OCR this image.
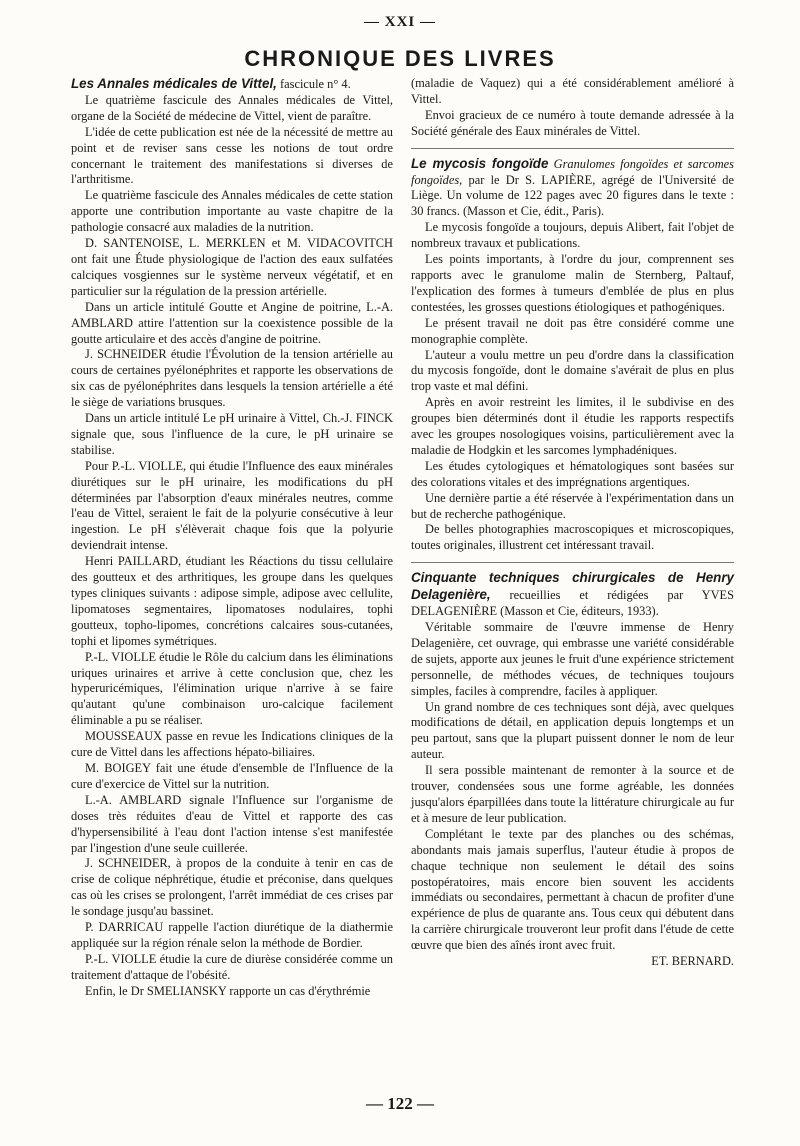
— XXI —
CHRONIQUE DES LIVRES

Les Annales médicales de Vittel, fascicule n° 4.

Le quatrième fascicule des Annales médicales de Vittel, organe de la Société de médecine de Vittel, vient de paraître.

L'idée de cette publication est née de la nécessité de mettre au point et de reviser sans cesse les notions de tout ordre concernant le traitement des manifestations si diverses de l'arthritisme.

Le quatrième fascicule des Annales médicales de cette station apporte une contribution importante au vaste chapitre de la pathologie consacré aux maladies de la nutrition.

D. SANTENOISE, L. MERKLEN et M. VIDACOVITCH ont fait une Étude physiologique de l'action des eaux sulfatées calciques vosgiennes sur le système nerveux végétatif, et en particulier sur la régulation de la pression artérielle.

Dans un article intitulé Goutte et Angine de poitrine, L.-A. AMBLARD attire l'attention sur la coexistence possible de la goutte articulaire et des accès d'angine de poitrine.

J. SCHNEIDER étudie l'Évolution de la tension artérielle au cours de certaines pyélonéphrites et rapporte les observations de six cas de pyélonéphrites dans lesquels la tension artérielle a été le siège de variations brusques.

Dans un article intitulé Le pH urinaire à Vittel, Ch.-J. FINCK signale que, sous l'influence de la cure, le pH urinaire se stabilise.

Pour P.-L. VIOLLE, qui étudie l'Influence des eaux minérales diurétiques sur le pH urinaire, les modifications du pH déterminées par l'absorption d'eaux minérales neutres, comme l'eau de Vittel, seraient le fait de la polyurie consécutive à leur ingestion. Le pH s'élèverait chaque fois que la polyurie deviendrait intense.

Henri PAILLARD, étudiant les Réactions du tissu cellulaire des goutteux et des arthritiques, les groupe dans les quelques types cliniques suivants : adipose simple, adipose avec cellulite, lipomatoses segmentaires, lipomatoses nodulaires, tophi goutteux, topho-lipomes, concrétions calcaires sous-cutanées, tophi et lipomes symétriques.

P.-L. VIOLLE étudie le Rôle du calcium dans les éliminations uriques urinaires et arrive à cette conclusion que, chez les hyperuricémiques, l'élimination urique n'arrive à se faire qu'autant qu'une combinaison uro-calcique facilement éliminable a pu se réaliser.

MOUSSEAUX passe en revue les Indications cliniques de la cure de Vittel dans les affections hépato-biliaires.

M. BOIGEY fait une étude d'ensemble de l'Influence de la cure d'exercice de Vittel sur la nutrition.

L.-A. AMBLARD signale l'Influence sur l'organisme de doses très réduites d'eau de Vittel et rapporte des cas d'hypersensibilité à l'eau dont l'action intense s'est manifestée par l'ingestion d'une seule cuillerée.

J. SCHNEIDER, à propos de la conduite à tenir en cas de crise de colique néphrétique, étudie et préconise, dans quelques cas où les crises se prolongent, l'arrêt immédiat de ces crises par le sondage jusqu'au bassinet.

P. DARRICAU rappelle l'action diurétique de la diathermie appliquée sur la région rénale selon la méthode de Bordier.

P.-L. VIOLLE étudie la cure de diurèse considérée comme un traitement d'attaque de l'obésité.

Enfin, le Dr SMELIANSKY rapporte un cas d'érythrémie

(maladie de Vaquez) qui a été considérablement amélioré à Vittel.

Envoi gracieux de ce numéro à toute demande adressée à la Société générale des Eaux minérales de Vittel.

Le mycosis fongoïde Granulomes fongoïdes et sarcomes fongoïdes, par le Dr S. LAPIÈRE, agrégé de l'Université de Liège. Un volume de 122 pages avec 20 figures dans le texte : 30 francs. (Masson et Cie, édit., Paris).

Le mycosis fongoïde a toujours, depuis Alibert, fait l'objet de nombreux travaux et publications.

Les points importants, à l'ordre du jour, comprennent ses rapports avec le granulome malin de Sternberg, Paltauf, l'explication des formes à tumeurs d'emblée de plus en plus contestées, les grosses questions étiologiques et pathogéniques.

Le présent travail ne doit pas être considéré comme une monographie complète.

L'auteur a voulu mettre un peu d'ordre dans la classification du mycosis fongoïde, dont le domaine s'avérait de plus en plus trop vaste et mal défini.

Après en avoir restreint les limites, il le subdivise en des groupes bien déterminés dont il étudie les rapports respectifs avec les groupes nosologiques voisins, particulièrement avec la maladie de Hodgkin et les sarcomes lymphadéniques.

Les études cytologiques et hématologiques sont basées sur des colorations vitales et des imprégnations argentiques.

Une dernière partie a été réservée à l'expérimentation dans un but de recherche pathogénique.

De belles photographies macroscopiques et microscopiques, toutes originales, illustrent cet intéressant travail.

Cinquante techniques chirurgicales de Henry Delagenière, recueillies et rédigées par YVES DELAGENIÈRE (Masson et Cie, éditeurs, 1933).

Véritable sommaire de l'œuvre immense de Henry Delagenière, cet ouvrage, qui embrasse une variété considérable de sujets, apporte aux jeunes le fruit d'une expérience strictement personnelle, de méthodes vécues, de techniques toujours simples, faciles à comprendre, faciles à appliquer.

Un grand nombre de ces techniques sont déjà, avec quelques modifications de détail, en application depuis longtemps et un peu partout, sans que la plupart puissent donner le nom de leur auteur.

Il sera possible maintenant de remonter à la source et de trouver, condensées sous une forme agréable, les données jusqu'alors éparpillées dans toute la littérature chirurgicale au fur et à mesure de leur publication.

Complétant le texte par des planches ou des schémas, abondants mais jamais superflus, l'auteur étudie à propos de chaque technique non seulement le détail des soins postopératoires, mais encore bien souvent les accidents immédiats ou secondaires, permettant à chacun de profiter d'une expérience de plus de quarante ans. Tous ceux qui débutent dans la carrière chirurgicale trouveront leur profit dans l'étude de cette œuvre que bien des aînés iront avec fruit.

ET. BERNARD.

— 122 —
